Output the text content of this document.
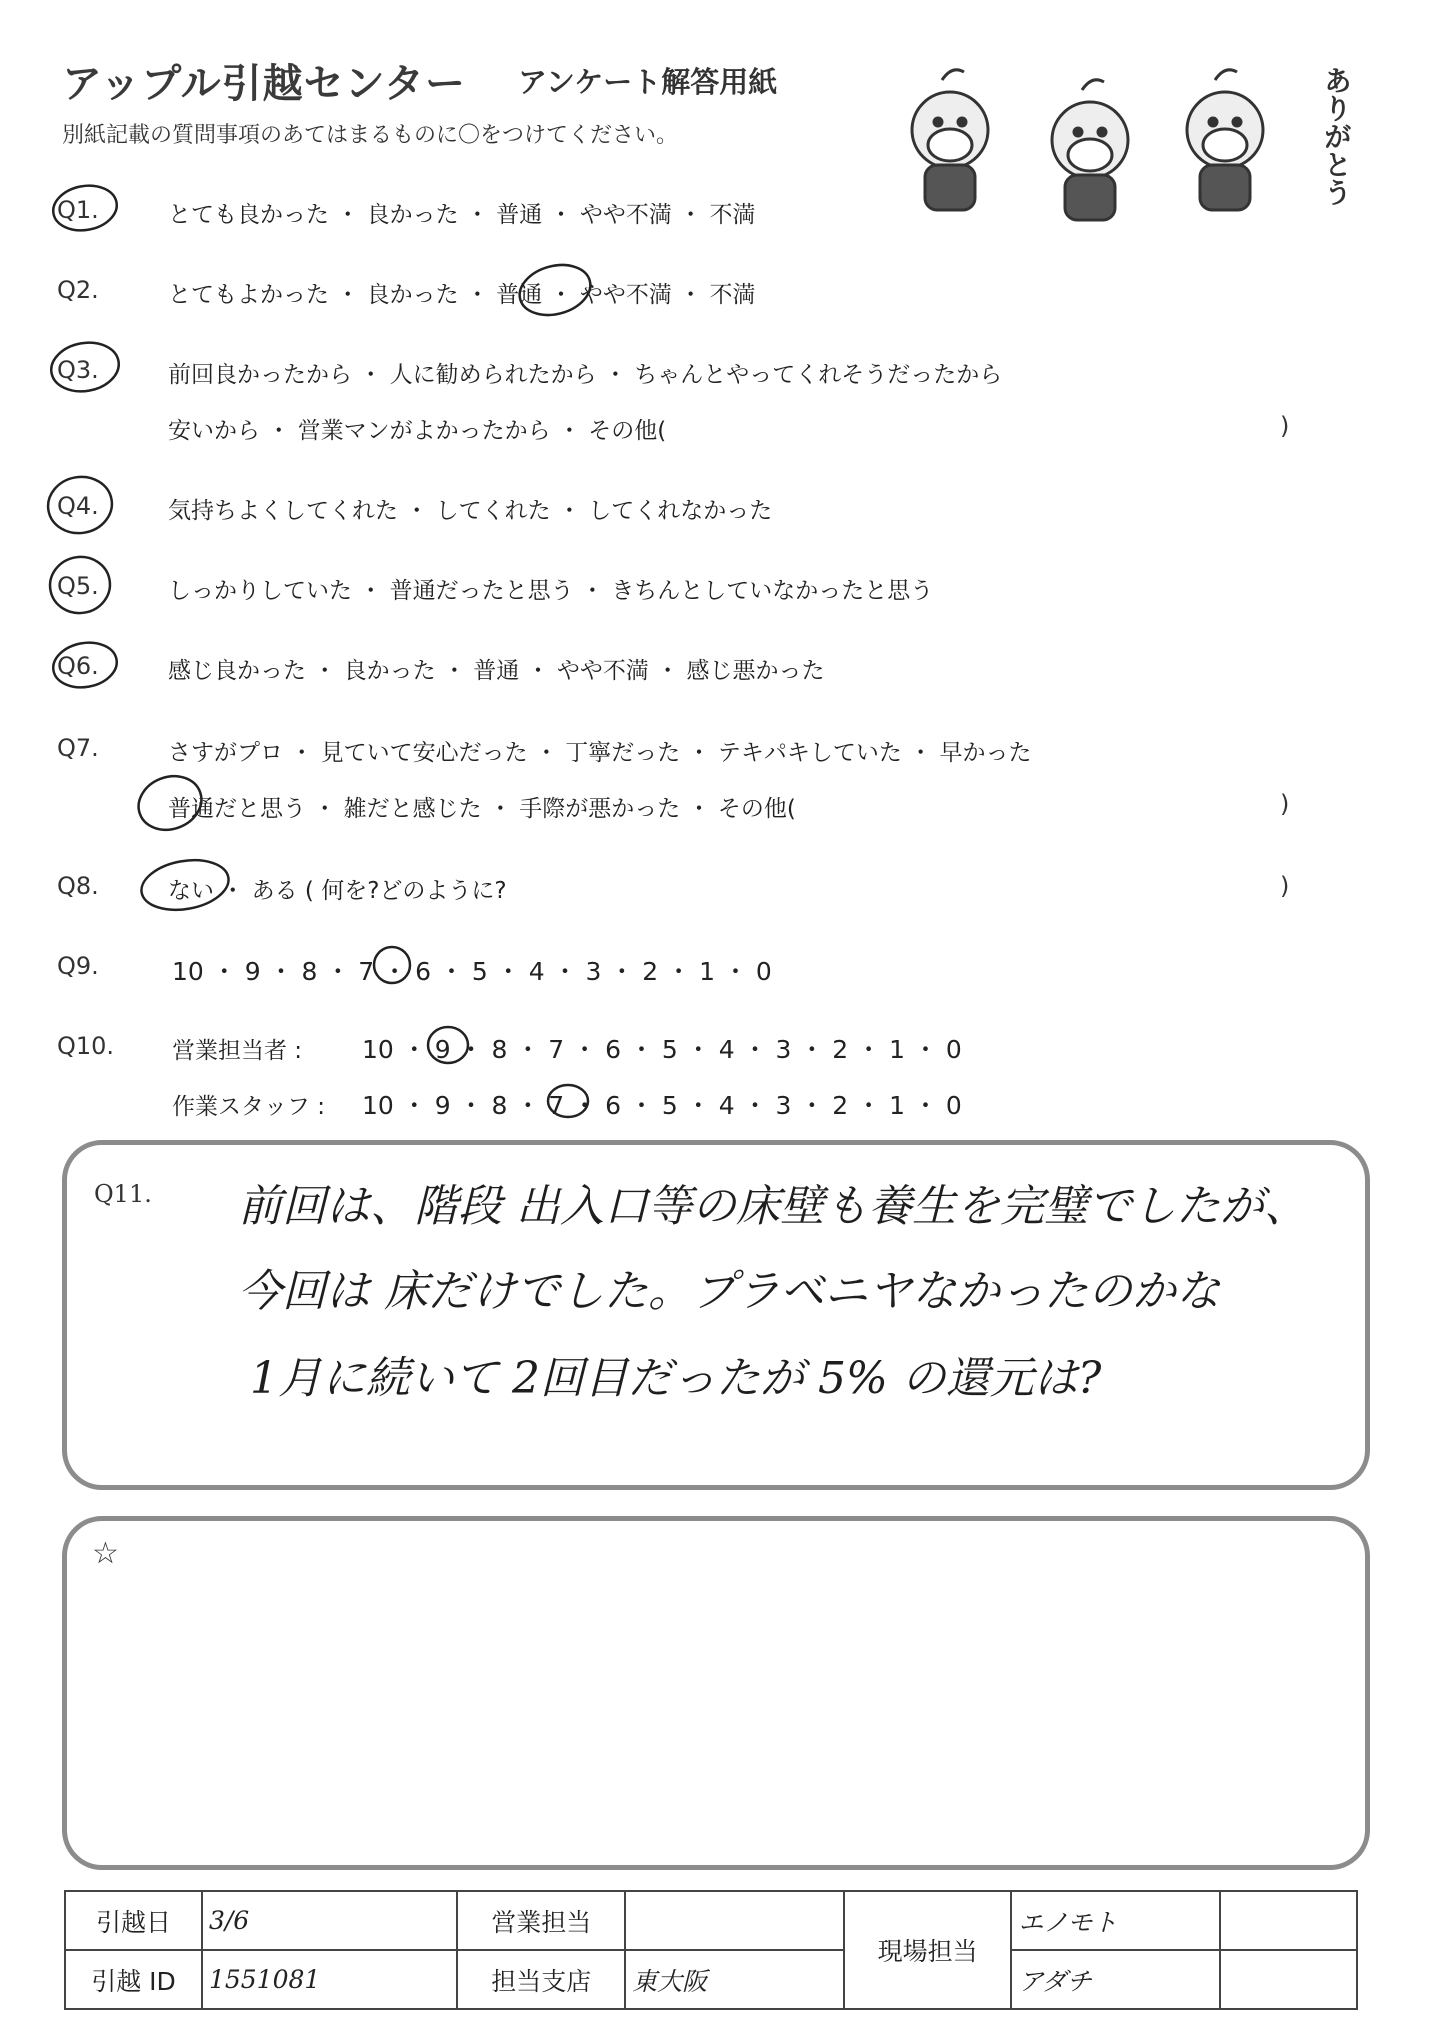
アップル引越センター アンケート解答用紙
別紙記載の質問事項のあてはまるものに〇をつけてください。	ありがとう
Q1.	とても良かった ・ 良かった ・ 普通 ・ やや不満 ・ 不満
Q2.	とてもよかった ・ 良かった ・ 普通 ・ やや不満 ・ 不満
Q3.	前回良かったから ・ 人に勧められたから ・ ちゃんとやってくれそうだったから
安いから ・ 営業マンがよかったから ・ その他(	)
Q4.	気持ちよくしてくれた ・ してくれた ・ してくれなかった
Q5.	しっかりしていた ・ 普通だったと思う ・ きちんとしていなかったと思う
Q6.	感じ良かった ・ 良かった ・ 普通 ・ やや不満 ・ 感じ悪かった
Q7.	さすがプロ ・ 見ていて安心だった ・ 丁寧だった ・ テキパキしていた ・ 早かった
普通だと思う ・ 雑だと感じた ・ 手際が悪かった ・ その他(	)
Q8.	ない ・ ある ( 何を?どのように?	)
Q9.	10 ・ 9 ・ 8 ・ 7 ・ 6 ・ 5 ・ 4 ・ 3 ・ 2 ・ 1 ・ 0
Q10.	営業担当者 : 10 ・ 9 ・ 8 ・ 7 ・ 6 ・ 5 ・ 4 ・ 3 ・ 2 ・ 1 ・ 0
作業スタッフ : 10 ・ 9 ・ 8 ・ 7 ・ 6 ・ 5 ・ 4 ・ 3 ・ 2 ・ 1 ・ 0
Q11. 前回は、階段 出入口等の床壁も養生を完璧でしたが、
今回は 床だけでした。プラベニヤなかったのかな
1月に続いて 2回目だったが 5% の還元は?
☆
引越日	3/6	営業担当		現場担当	エノモト	
引越 ID	1551081	担当支店	東大阪		アダチ	
